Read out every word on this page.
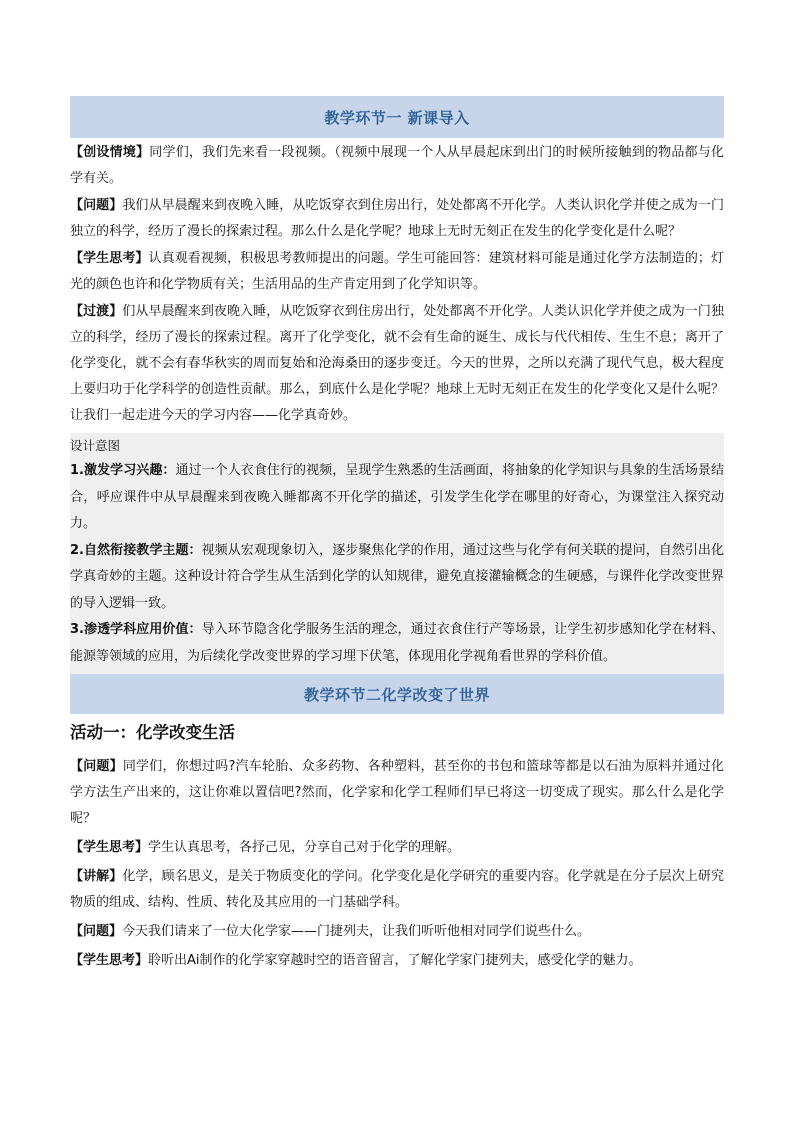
教学环节一 新课导入

【创设情境】同学们，我们先来看一段视频。（视频中展现一个人从早晨起床到出门的时候所接触到的物品都与化学有关。

【问题】我们从早晨醒来到夜晚入睡，从吃饭穿衣到住房出行，处处都离不开化学。人类认识化学并使之成为一门独立的科学，经历了漫长的探索过程。那么什么是化学呢？地球上无时无刻正在发生的化学变化是什么呢？

【学生思考】认真观看视频，积极思考教师提出的问题。学生可能回答：建筑材料可能是通过化学方法制造的；灯光的颜色也许和化学物质有关；生活用品的生产肯定用到了化学知识等。

【过渡】们从早晨醒来到夜晚入睡，从吃饭穿衣到住房出行，处处都离不开化学。人类认识化学并使之成为一门独立的科学，经历了漫长的探索过程。离开了化学变化，就不会有生命的诞生、成长与代代相传、生生不息；离开了化学变化，就不会有春华秋实的周而复始和沧海桑田的逐步变迁。今天的世界，之所以充满了现代气息，极大程度上要归功于化学科学的创造性贡献。那么，到底什么是化学呢？地球上无时无刻正在发生的化学变化又是什么呢？让我们一起走进今天的学习内容——化学真奇妙。

设计意图

1.激发学习兴趣：通过一个人衣食住行的视频，呈现学生熟悉的生活画面，将抽象的化学知识与具象的生活场景结合，呼应课件中从早晨醒来到夜晚入睡都离不开化学的描述，引发学生化学在哪里的好奇心，为课堂注入探究动力。

2.自然衔接教学主题：视频从宏观现象切入，逐步聚焦化学的作用，通过这些与化学有何关联的提问，自然引出化学真奇妙的主题。这种设计符合学生从生活到化学的认知规律，避免直接灌输概念的生硬感，与课件化学改变世界的导入逻辑一致。

3.渗透学科应用价值：导入环节隐含化学服务生活的理念，通过衣食住行产等场景，让学生初步感知化学在材料、能源等领域的应用，为后续化学改变世界的学习埋下伏笔，体现用化学视角看世界的学科价值。

教学环节二化学改变了世界
活动一：化学改变生活

【问题】同学们，你想过吗?汽车轮胎、众多药物、各种塑料，甚至你的书包和篮球等都是以石油为原料并通过化学方法生产出来的，这让你难以置信吧?然而，化学家和化学工程师们早已将这一切变成了现实。那么什么是化学呢？

【学生思考】学生认真思考，各抒己见，分享自己对于化学的理解。

【讲解】化学，顾名思义，是关于物质变化的学问。化学变化是化学研究的重要内容。化学就是在分子层次上研究物质的组成、结构、性质、转化及其应用的一门基础学科。

【问题】今天我们请来了一位大化学家——门捷列夫，让我们听听他相对同学们说些什么。

【学生思考】聆听出Ai制作的化学家穿越时空的语音留言，了解化学家门捷列夫，感受化学的魅力。
